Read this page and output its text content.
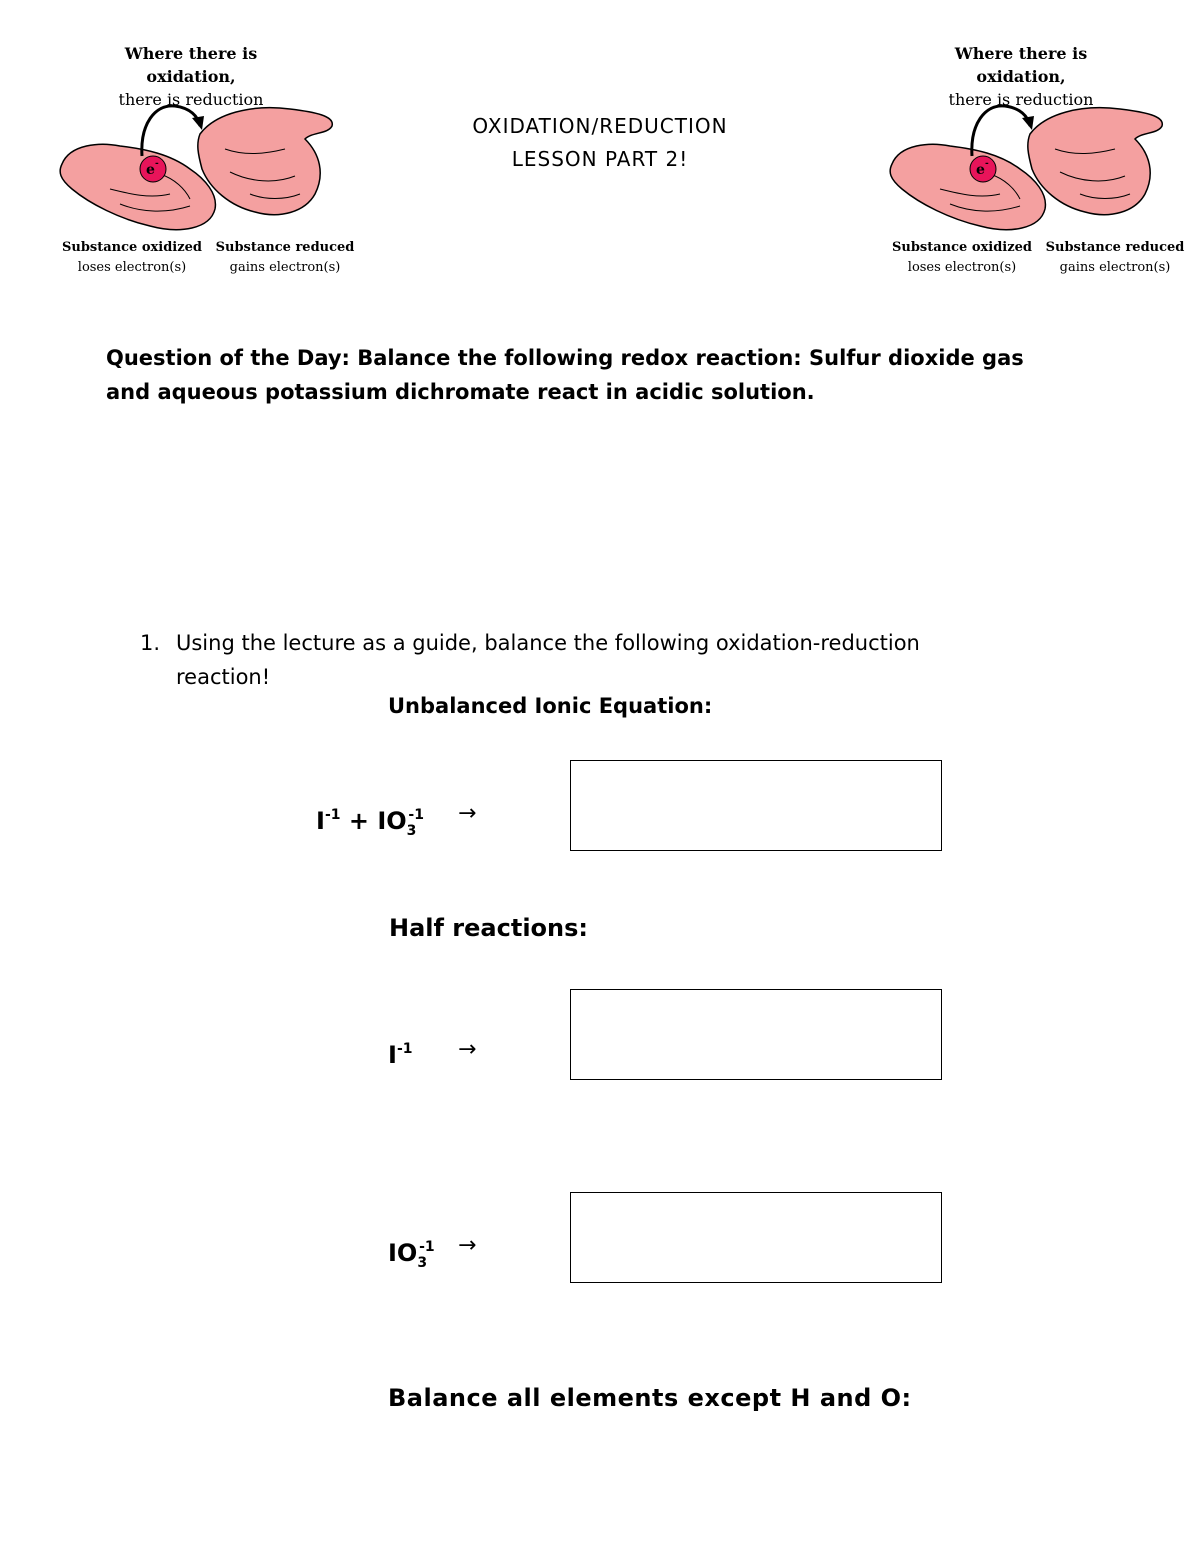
Where there is oxidation,
there is reduction
e -
Substance oxidized
loses electron(s)
Substance reduced
gains electron(s)
OXIDATION/REDUCTION
LESSON PART 2!
Where there is oxidation,
there is reduction
e -
Substance oxidized
loses electron(s)
Substance reduced
gains electron(s)
Question of the Day: Balance the following redox reaction: Sulfur dioxide gas and aqueous potassium dichromate react in acidic solution.
1. Using the lecture as a guide, balance the following oxidation-reduction
reaction!
Unbalanced Ionic Equation:
$I^{-1} + IO_3^{-1}$ →
Half reactions:
$I^{-1}$ →
$IO_3^{-1}$ →
Balance all elements except H and O:
